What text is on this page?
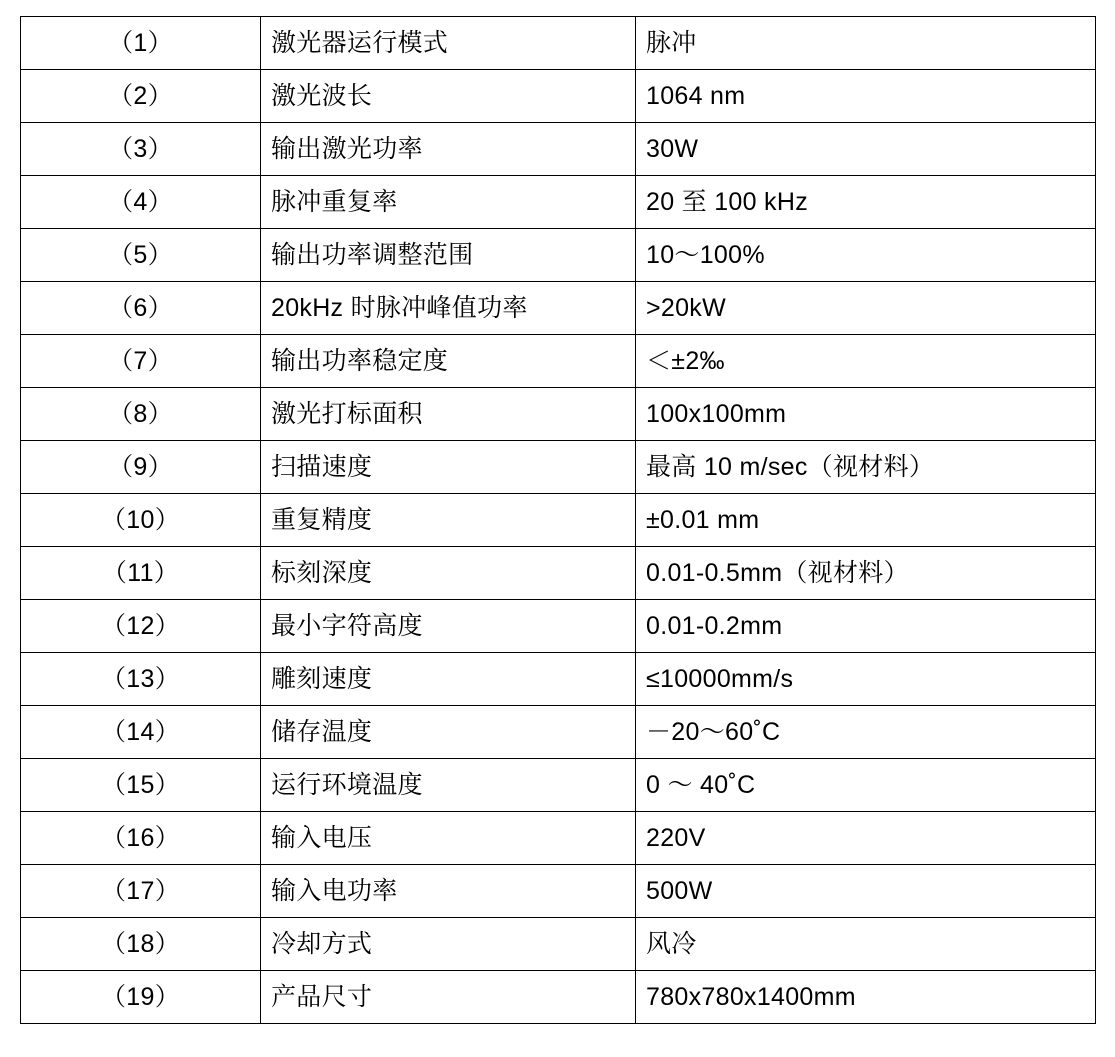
（1）	激光器运行模式	脉冲
（2）	激光波长	1064 nm
（3）	输出激光功率	30W
（4）	脉冲重复率	20 至 100 kHz
（5）	输出功率调整范围	10～100%
（6）	20kHz 时脉冲峰值功率	>20kW
（7）	输出功率稳定度	＜±2‰
（8）	激光打标面积	100x100mm
（9）	扫描速度	最高 10 m/sec（视材料）
（10）	重复精度	±0.01 mm
（11）	标刻深度	0.01-0.5mm（视材料）
（12）	最小字符高度	0.01-0.2mm
（13）	雕刻速度	≤10000mm/s
（14）	储存温度	－20～60˚C
（15）	运行环境温度	0 ～ 40˚C
（16）	输入电压	220V
（17）	输入电功率	500W
（18）	冷却方式	风冷
（19）	产品尺寸	780x780x1400mm
